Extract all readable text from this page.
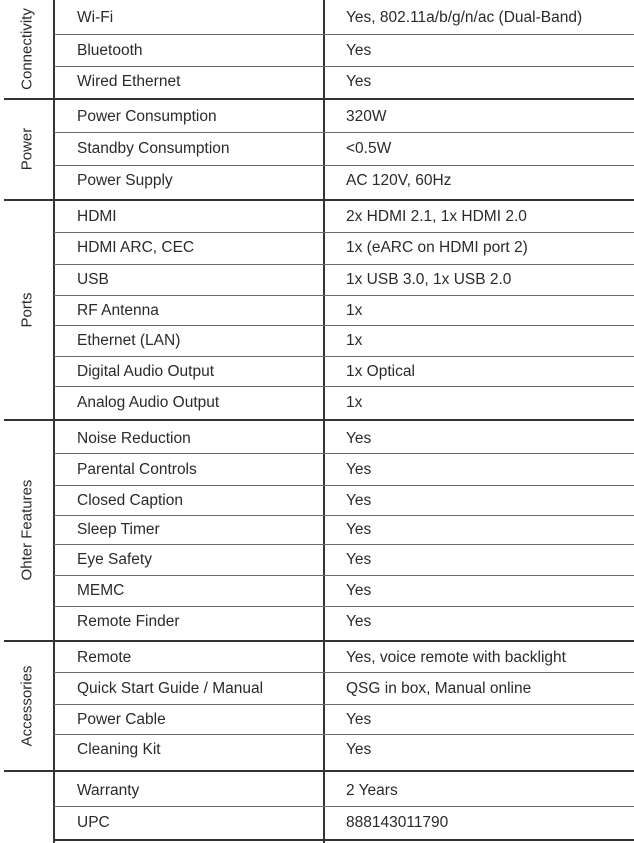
Connectivity	Wi-Fi	Yes, 802.11a/b/g/n/ac (Dual-Band)
Bluetooth	Yes
Wired Ethernet	Yes
Power
Power Consumption	320W
Standby Consumption	<0.5W
Power Supply	AC 120V, 60Hz
Ports
HDMI	2x HDMI 2.1, 1x HDMI 2.0
HDMI ARC, CEC	1x (eARC on HDMI port 2)
USB	1x USB 3.0, 1x USB 2.0
RF Antenna	1x
Ethernet (LAN)	1x
Digital Audio Output	1x Optical
Analog Audio Output	1x
Ohter Features
Noise Reduction	Yes
Parental Controls	Yes
Closed Caption	Yes
Sleep Timer	Yes
Eye Safety	Yes
MEMC	Yes
Remote Finder	Yes
Accessories
Remote	Yes, voice remote with backlight
Quick Start Guide / Manual	QSG in box, Manual online
Power Cable	Yes
Cleaning Kit	Yes
Warranty	2 Years
UPC	888143011790
